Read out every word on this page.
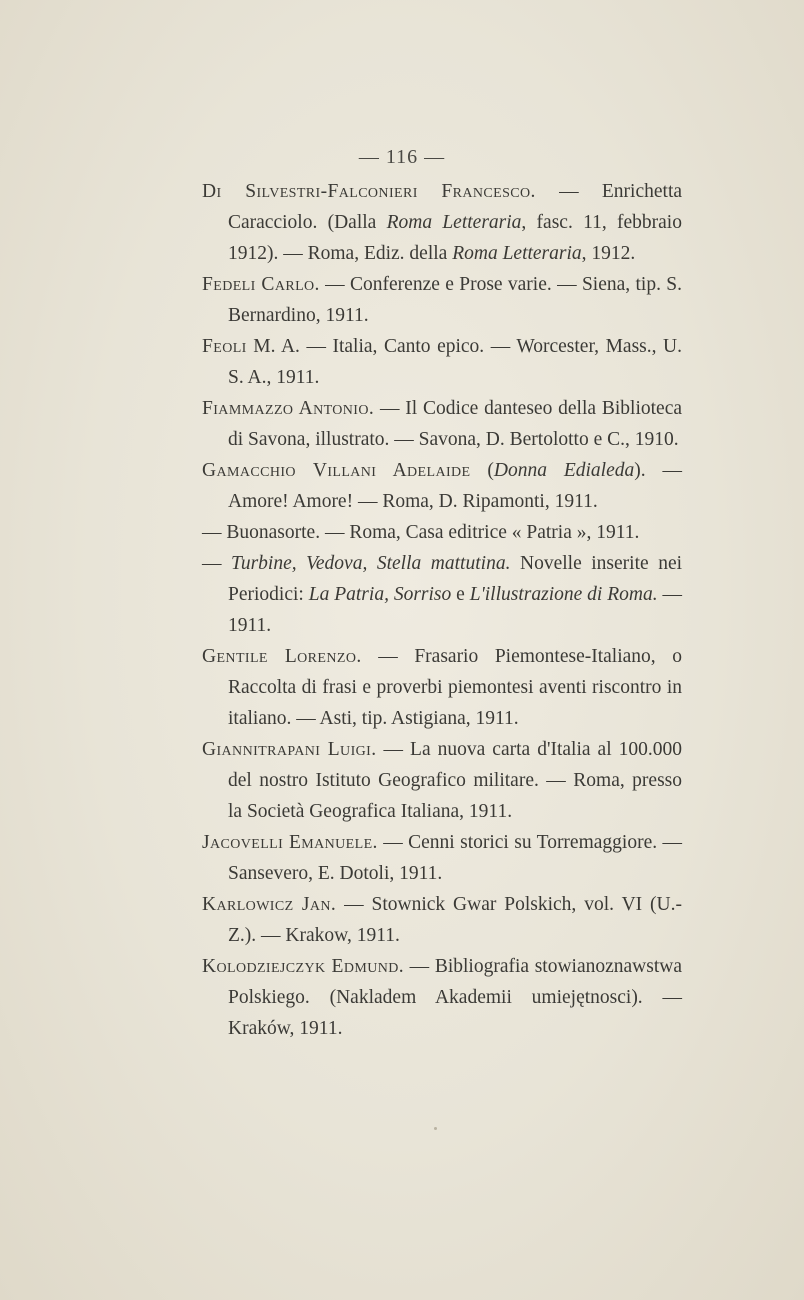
— 116 —

Di Silvestri-Falconieri Francesco. — Enrichetta Caracciolo. (Dalla Roma Letteraria, fasc. 11, febbraio 1912). — Roma, Ediz. della Roma Letteraria, 1912.

Fedeli Carlo. — Conferenze e Prose varie. — Siena, tip. S. Bernardino, 1911.

Feoli M. A. — Italia, Canto epico. — Worcester, Mass., U. S. A., 1911.

Fiammazzo Antonio. — Il Codice danteseo della Biblioteca di Savona, illustrato. — Savona, D. Bertolotto e C., 1910.

Gamacchio Villani Adelaide (Donna Edialeda). — Amore! Amore! — Roma, D. Ripamonti, 1911.

— Buonasorte. — Roma, Casa editrice « Patria », 1911.

— Turbine, Vedova, Stella mattutina. Novelle inserite nei Periodici: La Patria, Sorriso e L'illustrazione di Roma. — 1911.

Gentile Lorenzo. — Frasario Piemontese-Italiano, o Raccolta di frasi e proverbi piemontesi aventi riscontro in italiano. — Asti, tip. Astigiana, 1911.

Giannitrapani Luigi. — La nuova carta d'Italia al 100.000 del nostro Istituto Geografico militare. — Roma, presso la Società Geografica Italiana, 1911.

Jacovelli Emanuele. — Cenni storici su Torremaggiore. — Sansevero, E. Dotoli, 1911.

Karlowicz Jan. — Stownick Gwar Polskich, vol. VI (U.-Z.). — Krakow, 1911.

Kolodziejczyk Edmund. — Bibliografia stowianoznawstwa Polskiego. (Nakladem Akademii umiejętnosci). — Kraków, 1911.
